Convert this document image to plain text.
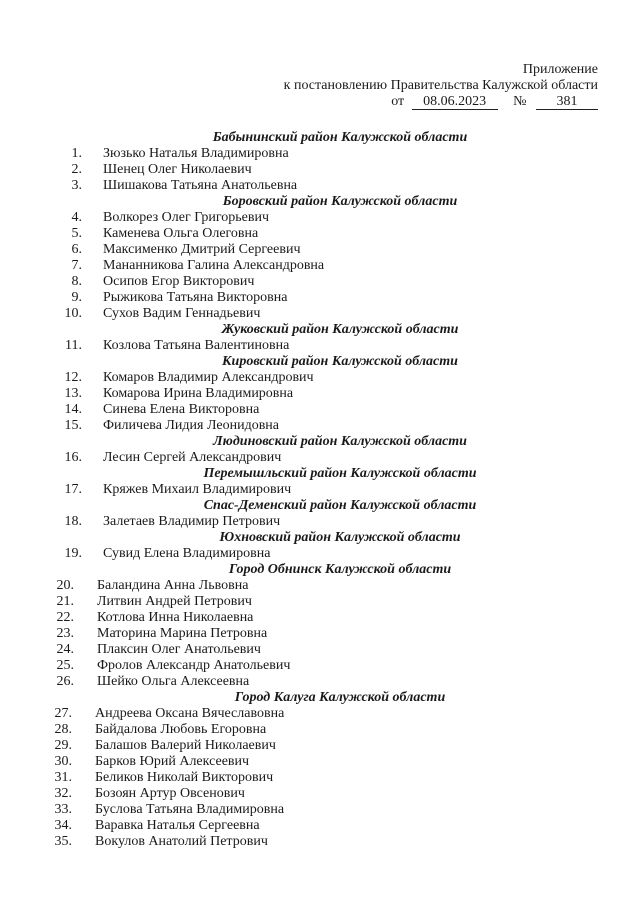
Приложение
к постановлению Правительства Калужской области
от 08.06.2023 № 381
Бабынинский район Калужской области
1. Зюзько Наталья Владимировна
2. Шенец Олег Николаевич
3. Шишакова Татьяна Анатольевна
Боровский район Калужской области
4. Волкорез Олег Григорьевич
5. Каменева Ольга Олеговна
6. Максименко Дмитрий Сергеевич
7. Мананникова Галина Александровна
8. Осипов Егор Викторович
9. Рыжикова Татьяна Викторовна
10. Сухов Вадим Геннадьевич
Жуковский район Калужской области
11. Козлова Татьяна Валентиновна
Кировский район Калужской области
12. Комаров Владимир Александрович
13. Комарова Ирина Владимировна
14. Синева Елена Викторовна
15. Филичева Лидия Леонидовна
Людиновский район Калужской области
16. Лесин Сергей Александрович
Перемышльский район Калужской области
17. Кряжев Михаил Владимирович
Спас-Деменский район Калужской области
18. Залетаев Владимир Петрович
Юхновский район Калужской области
19. Сувид Елена Владимировна
Город Обнинск Калужской области
20. Баландина Анна Львовна
21. Литвин Андрей Петрович
22. Котлова Инна Николаевна
23. Маторина Марина Петровна
24. Плаксин Олег Анатольевич
25. Фролов Александр Анатольевич
26. Шейко Ольга Алексеевна
Город Калуга Калужской области
27. Андреева Оксана Вячеславовна
28. Байдалова Любовь Егоровна
29. Балашов Валерий Николаевич
30. Барков Юрий Алексеевич
31. Беликов Николай Викторович
32. Бозоян Артур Овсенович
33. Буслова Татьяна Владимировна
34. Варавка Наталья Сергеевна
35. Вокулов Анатолий Петрович
